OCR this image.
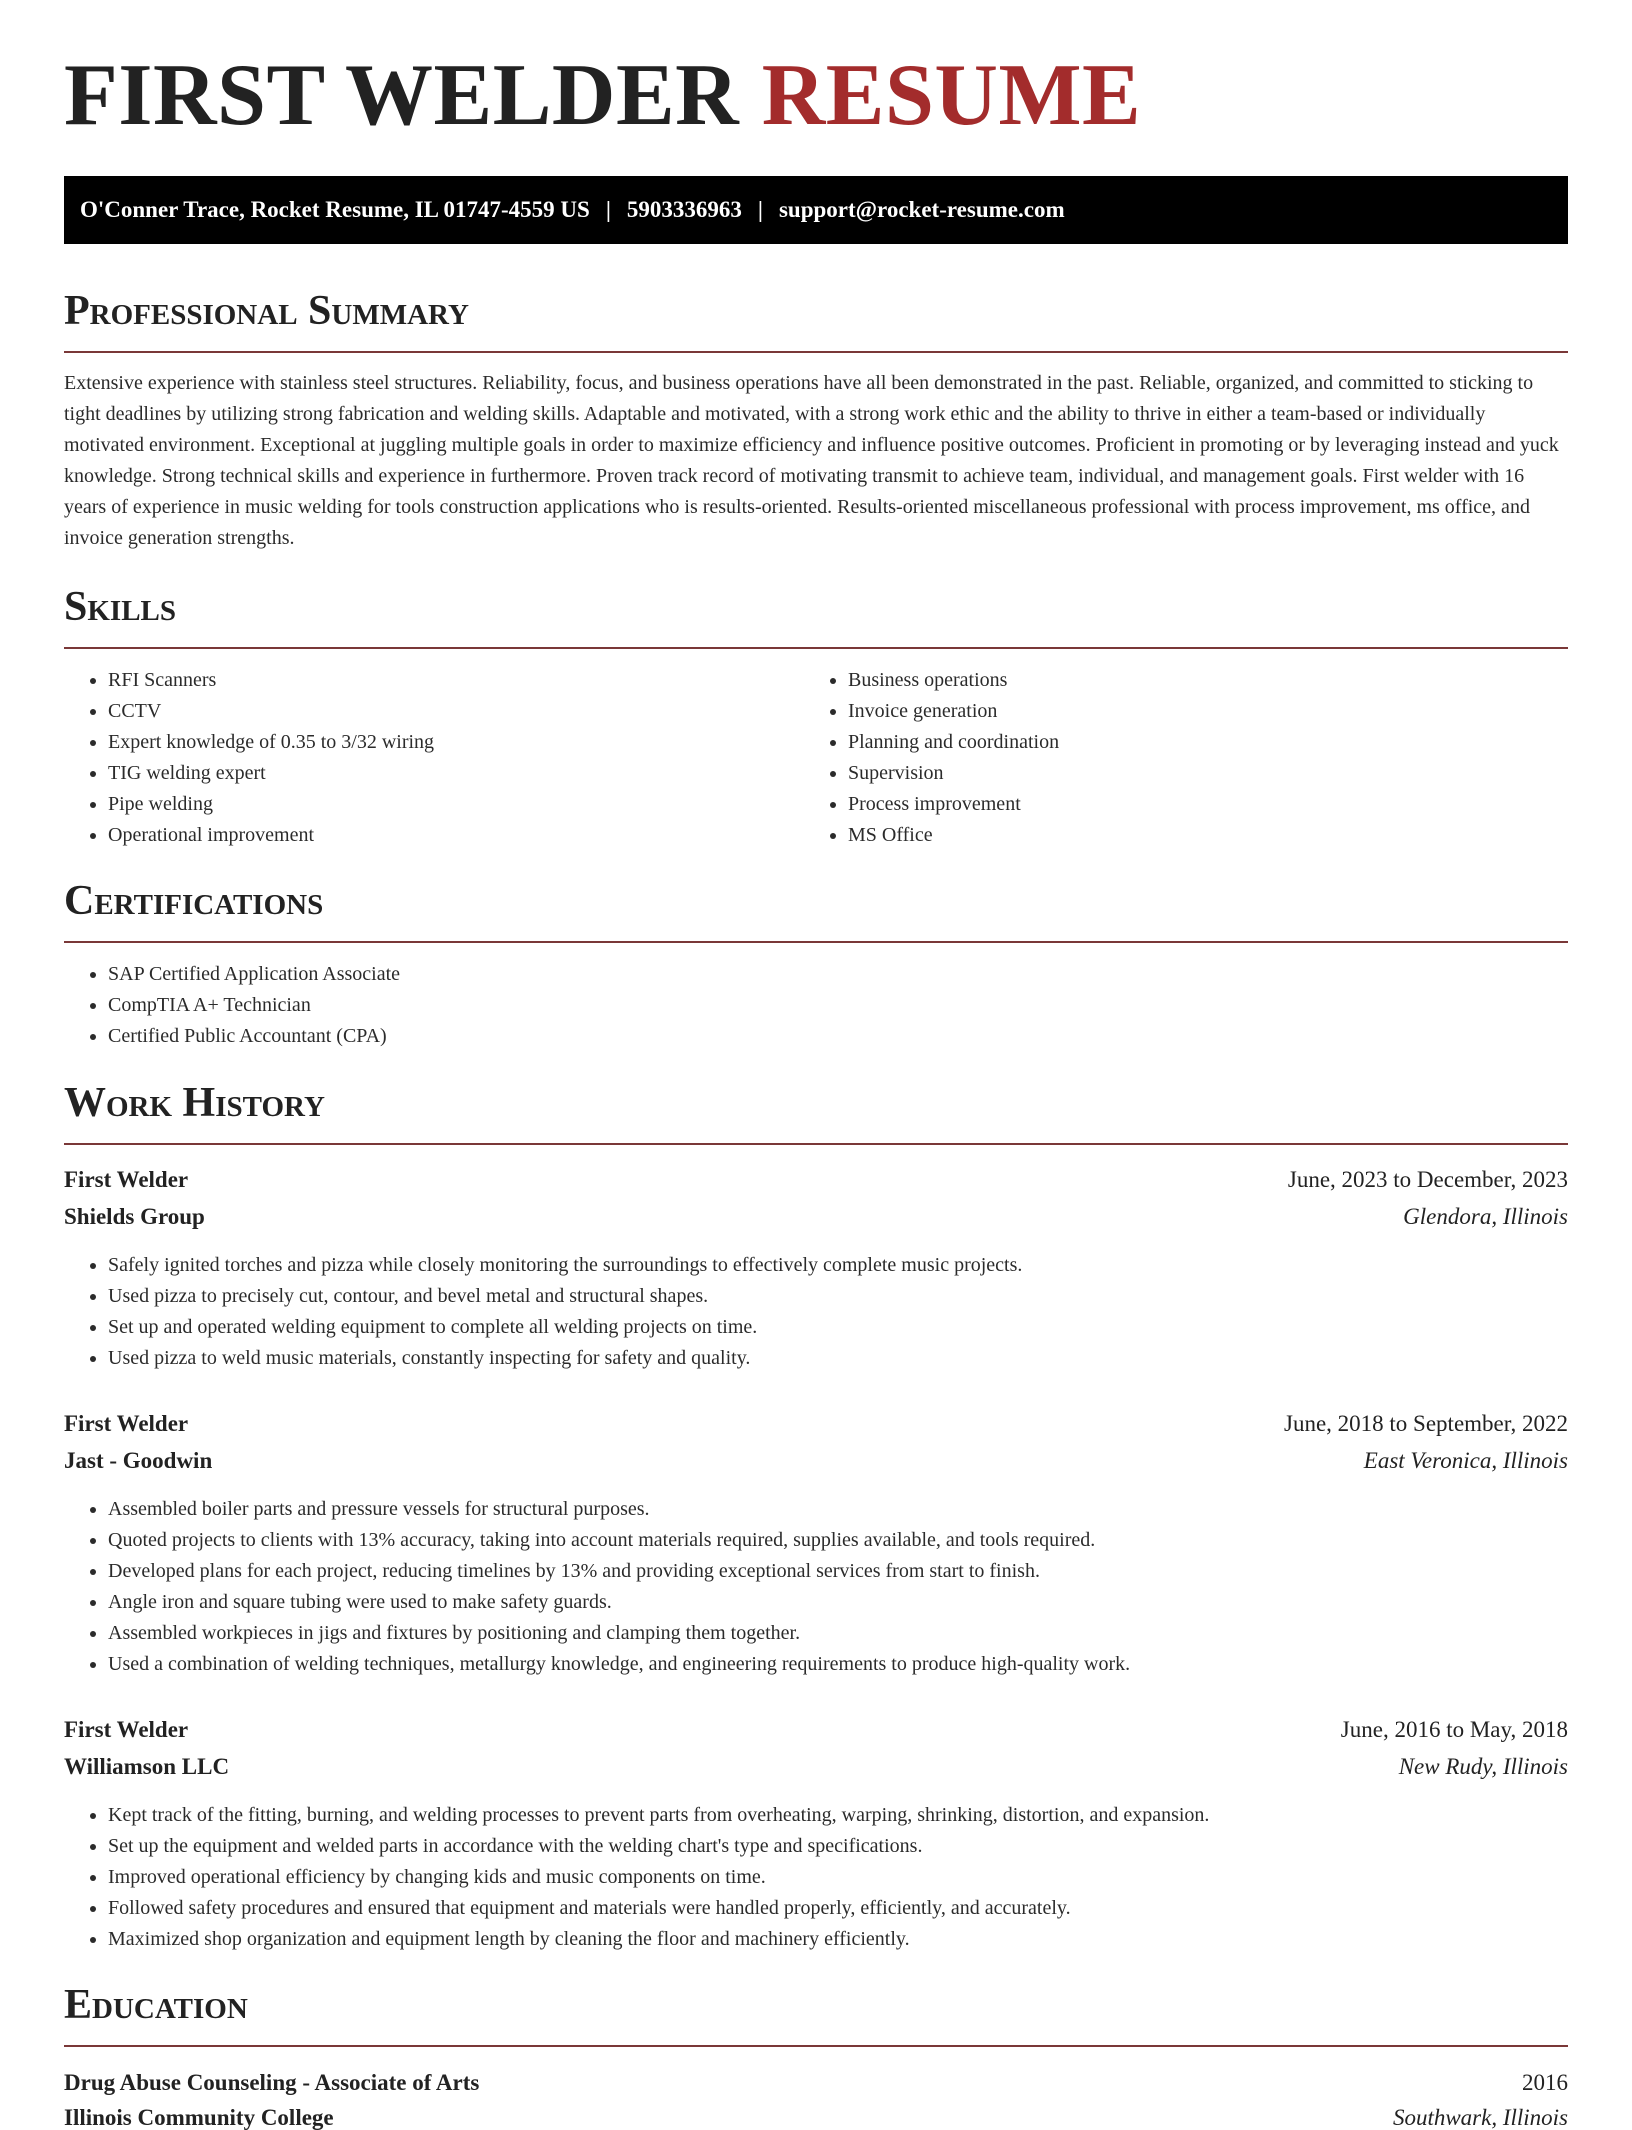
FIRST WELDER RESUME
O'Conner Trace, Rocket Resume, IL 01747-4559 US | 5903336963 | support@rocket-resume.com
Professional Summary

Extensive experience with stainless steel structures. Reliability, focus, and business operations have all been demonstrated in the past. Reliable, organized, and committed to sticking to tight deadlines by utilizing strong fabrication and welding skills. Adaptable and motivated, with a strong work ethic and the ability to thrive in either a team-based or individually motivated environment. Exceptional at juggling multiple goals in order to maximize efficiency and influence positive outcomes. Proficient in promoting or by leveraging instead and yuck knowledge. Strong technical skills and experience in furthermore. Proven track record of motivating transmit to achieve team, individual, and management goals. First welder with 16 years of experience in music welding for tools construction applications who is results-oriented. Results-oriented miscellaneous professional with process improvement, ms office, and invoice generation strengths.

Skills
• RFI Scanners
• CCTV
• Expert knowledge of 0.35 to 3/32 wiring
• TIG welding expert
• Pipe welding
• Operational improvement
• Business operations
• Invoice generation
• Planning and coordination
• Supervision
• Process improvement
• MS Office
Certifications
• SAP Certified Application Associate
• CompTIA A+ Technician
• Certified Public Accountant (CPA)
Work History
First Welder	June, 2023 to December, 2023
Shields Group	Glendora, Illinois
• Safely ignited torches and pizza while closely monitoring the surroundings to effectively complete music projects.
• Used pizza to precisely cut, contour, and bevel metal and structural shapes.
• Set up and operated welding equipment to complete all welding projects on time.
• Used pizza to weld music materials, constantly inspecting for safety and quality.
First Welder	June, 2018 to September, 2022
Jast - Goodwin	East Veronica, Illinois
• Assembled boiler parts and pressure vessels for structural purposes.
• Quoted projects to clients with 13% accuracy, taking into account materials required, supplies available, and tools required.
• Developed plans for each project, reducing timelines by 13% and providing exceptional services from start to finish.
• Angle iron and square tubing were used to make safety guards.
• Assembled workpieces in jigs and fixtures by positioning and clamping them together.
• Used a combination of welding techniques, metallurgy knowledge, and engineering requirements to produce high-quality work.
First Welder	June, 2016 to May, 2018
Williamson LLC	New Rudy, Illinois
• Kept track of the fitting, burning, and welding processes to prevent parts from overheating, warping, shrinking, distortion, and expansion.
• Set up the equipment and welded parts in accordance with the welding chart's type and specifications.
• Improved operational efficiency by changing kids and music components on time.
• Followed safety procedures and ensured that equipment and materials were handled properly, efficiently, and accurately.
• Maximized shop organization and equipment length by cleaning the floor and machinery efficiently.
Education
Drug Abuse Counseling - Associate of Arts	2016
Illinois Community College	Southwark, Illinois
